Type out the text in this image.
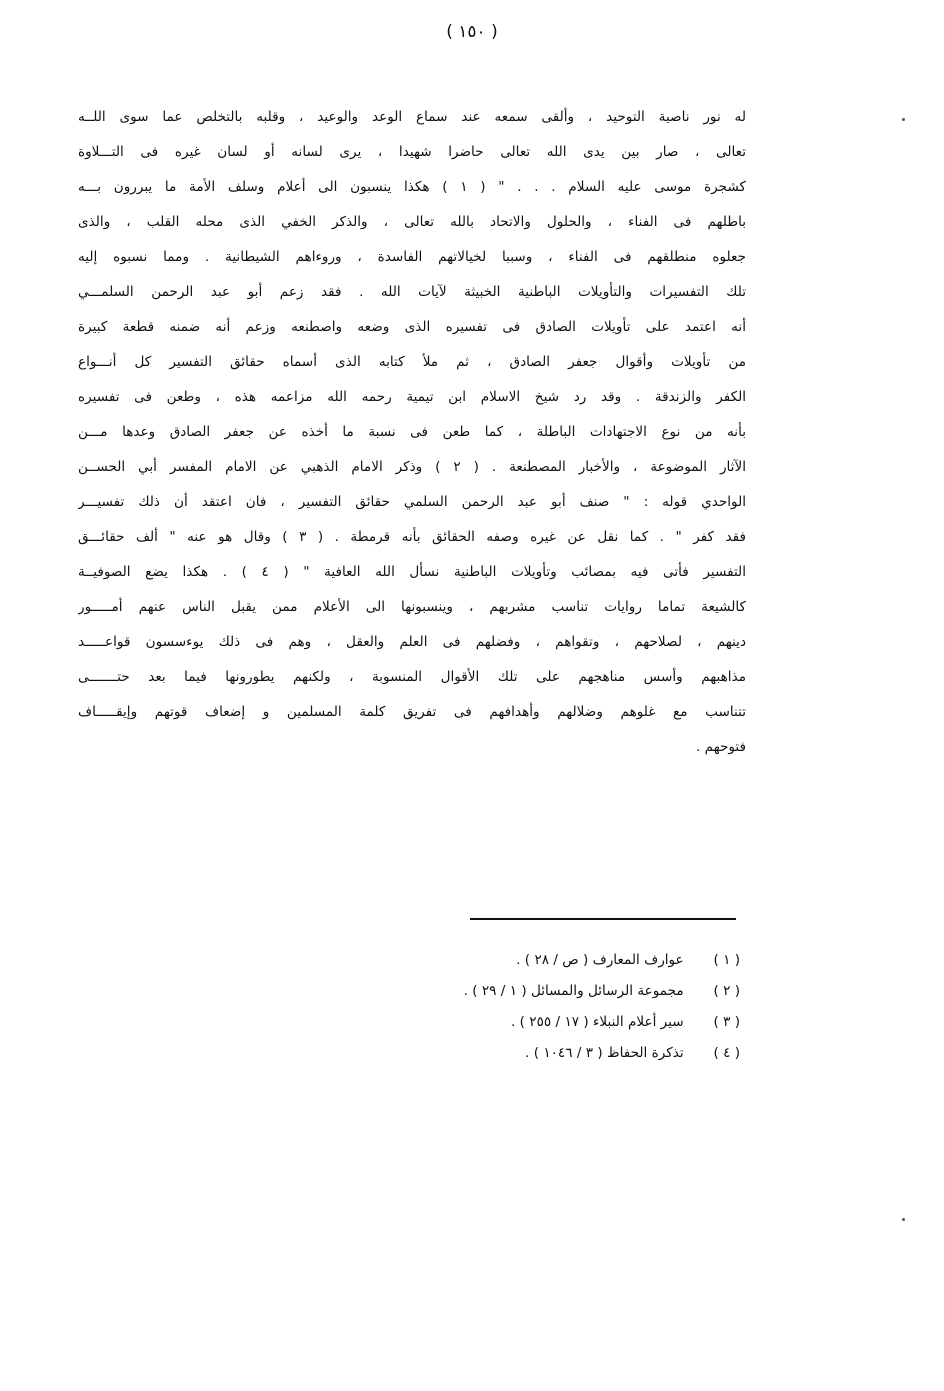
( ١٥٠ )
له نور ناصية التوحيد ، وألقى سمعه عند سماع الوعد والوعيد ، وقلبه بالتخلص عما سوى اللــه
تعالى ، صار بين يدى الله تعالى حاضرا شهيدا ، يرى لسانه أو لسان غيره فى التـــلاوة
كشجرة موسى عليه السلام . . . " ( ١ ) هكذا ينسبون الى أعلام وسلف الأمة ما يبررون بـــه
باطلهم فى الفناء ، والحلول والاتحاد بالله تعالى ، والذكر الخفي الذى محله القلب ، والذى
جعلوه منطلقهم فى الفناء ، وسببا لخيالاتهم الفاسدة ، وروءاهم الشيطانية . ومما نسبوه إليه
تلك التفسيرات والتأويلات الباطنية الخبيثة لآيات الله . فقد زعم أبو عبد الرحمن السلمـــي
أنه اعتمد على تأويلات الصادق فى تفسيره الذى وضعه واصطنعه وزعم أنه ضمنه قطعة كبيرة
من تأويلات وأقوال جعفر الصادق ، ثم ملأ كتابه الذى أسماه حقائق التفسير كل أنـــواع
الكفر والزندقة . وقد رد شيخ الاسلام ابن تيمية رحمه الله مزاعمه هذه ، وطعن فى تفسيره
بأنه من نوع الاجتهادات الباطلة ، كما طعن فى نسبة ما أخذه عن جعفر الصادق وعدها مـــن
الآثار الموضوعة ، والأخبار المصطنعة . ( ٢ ) وذكر الامام الذهبي عن الامام المفسر أبي الحســن
الواحدي قوله : " صنف أبو عبد الرحمن السلمي حقائق التفسير ، فان اعتقد أن ذلك تفسيـــر
فقد كفر " . كما نقل عن غيره وصفه الحقائق بأنه قرمطة . ( ٣ ) وقال هو عنه " ألف حقائـــق
التفسير فأتى فيه بمصائب وتأويلات الباطنية نسأل الله العافية " ( ٤ ) . هكذا يضع الصوفيــة
كالشيعة تماما روايات تناسب مشربهم ، وينسبونها الى الأعلام ممن يقبل الناس عنهم أمـــــور
دينهم ، لصلاحهم ، وتقواهم ، وفضلهم فى العلم والعقل ، وهم فى ذلك يوءسسون قواعـــــد
مذاهبهم وأسس مناهجهم على تلك الأقوال المنسوبة ، ولكنهم يطورونها فيما بعد حتـــــــى
تتناسب مع غلوهم وضلالهم وأهدافهم فى تفريق كلمة المسلمين و إضعاف قوتهم وإيقـــــاف
فتوحهم .
( ١ ) عوارف المعارف ( ص / ٢٨ ) .
( ٢ ) مجموعة الرسائل والمسائل ( ١ / ٢٩ ) .
( ٣ ) سير أعلام النبلاء ( ١٧ / ٢٥٥ ) .
( ٤ ) تذكرة الحفاظ ( ٣ / ١٠٤٦ ) .
